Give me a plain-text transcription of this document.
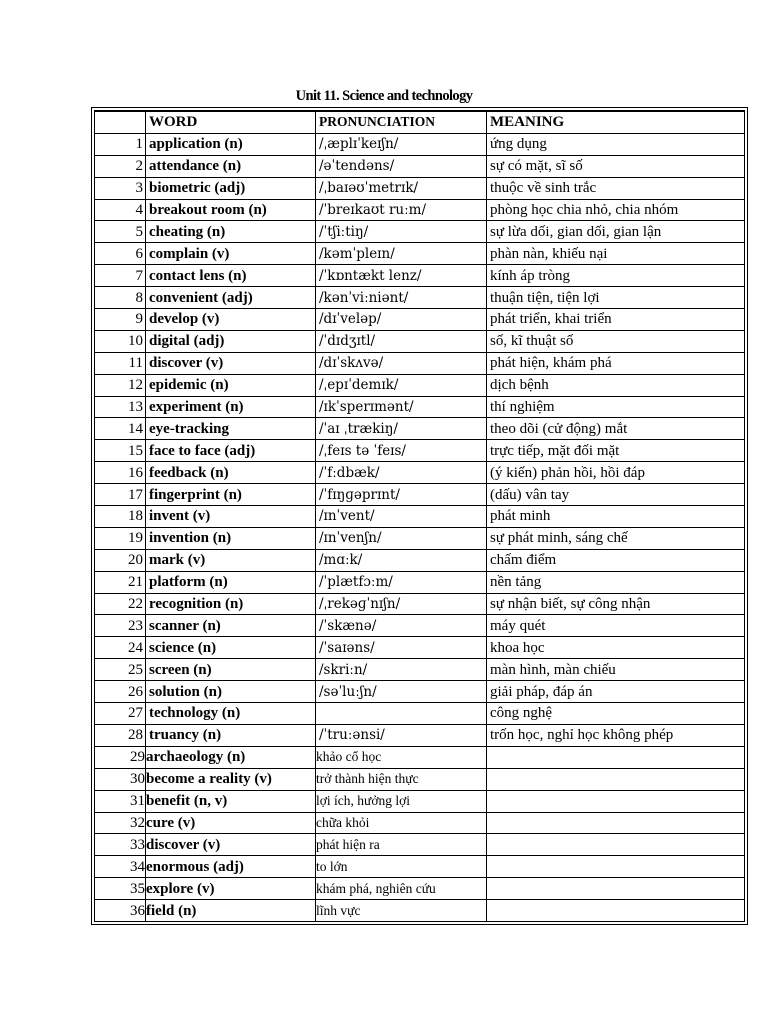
Unit 11. Science and technology
	WORD	PRONUNCIATION	MEANING
1	application (n)	/ˌæplɪˈkeɪʃn/	ứng dụng
2	attendance (n)	/əˈtendəns/	sự có mặt, sĩ số
3	biometric (adj)	/ˌbaɪəʊˈmetrɪk/	thuộc về sinh trắc
4	breakout room (n)	/ˈbreɪkaʊt ruːm/	phòng học chia nhỏ, chia nhóm
5	cheating (n)	/ˈtʃiːtiŋ/	sự lừa dối, gian dối, gian lận
6	complain (v)	/kəmˈpleɪn/	phàn nàn, khiếu nại
7	contact lens (n)	/ˈkɒntækt lenz/	kính áp tròng
8	convenient (adj)	/kənˈviːniənt/	thuận tiện, tiện lợi
9	develop (v)	/dɪˈveləp/	phát triển, khai triển
10	digital (adj)	/ˈdɪdʒɪtl/	số, kĩ thuật số
11	discover (v)	/dɪˈskʌvə/	phát hiện, khám phá
12	epidemic (n)	/ˌepɪˈdemɪk/	dịch bệnh
13	experiment (n)	/ɪkˈsperɪmənt/	thí nghiệm
14	eye-tracking	/ˈaɪ ˌtrækiŋ/	theo dõi (cử động) mắt
15	face to face (adj)	/ˌfeɪs tə ˈfeɪs/	trực tiếp, mặt đối mặt
16	feedback (n)	/ˈfːdbæk/	(ý kiến) phản hồi, hồi đáp
17	fingerprint (n)	/ˈfɪŋɡəprɪnt/	(dấu) vân tay
18	invent (v)	/ɪnˈvent/	phát minh
19	invention (n)	/ɪnˈvenʃn/	sự phát minh, sáng chế
20	mark (v)	/mɑːk/	chấm điểm
21	platform (n)	/ˈplætfɔːm/	nền tảng
22	recognition (n)	/ˌrekəɡˈnɪʃn/	sự nhận biết, sự công nhận
23	scanner (n)	/ˈskænə/	máy quét
24	science (n)	/ˈsaɪəns/	khoa học
25	screen (n)	/skriːn/	màn hình, màn chiếu
26	solution (n)	/səˈluːʃn/	giải pháp, đáp án
27	technology (n)		công nghệ
28	truancy (n)	/ˈtruːənsi/	trốn học, nghỉ học không phép
29	archaeology (n)	khảo cổ học	
30	become a reality (v)	trở thành hiện thực	
31	benefit (n, v)	lợi ích, hưởng lợi	
32	cure (v)	chữa khỏi	
33	discover (v)	phát hiện ra	
34	enormous (adj)	to lớn	
35	explore (v)	khám phá, nghiên cứu	
36	field (n)	lĩnh vực	
